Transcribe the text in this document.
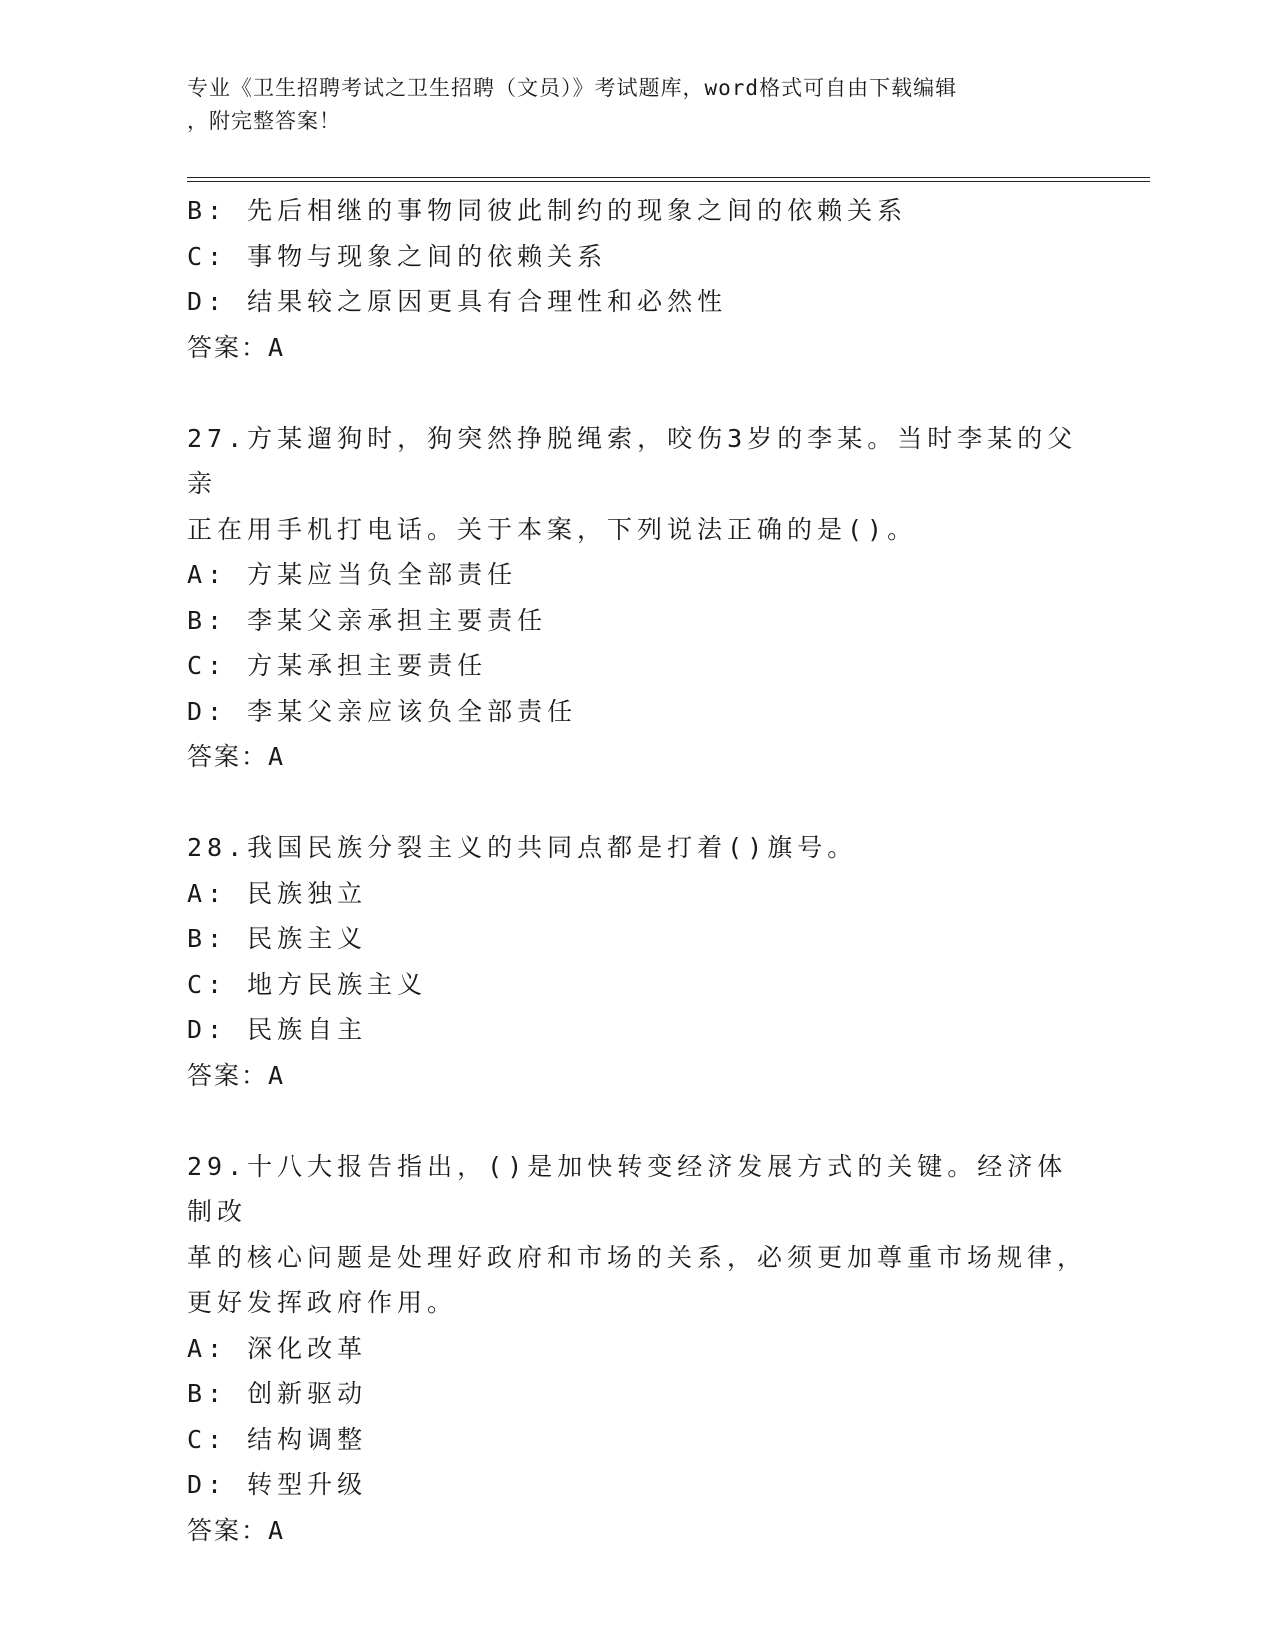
专业《卫生招聘考试之卫生招聘（文员）》考试题库，word格式可自由下载编辑
，附完整答案！
B: 先后相继的事物同彼此制约的现象之间的依赖关系
C: 事物与现象之间的依赖关系
D: 结果较之原因更具有合理性和必然性
答案：A
27.方某遛狗时，狗突然挣脱绳索，咬伤3岁的李某。当时李某的父亲
正在用手机打电话。关于本案，下列说法正确的是()。
A: 方某应当负全部责任
B: 李某父亲承担主要责任
C: 方某承担主要责任
D: 李某父亲应该负全部责任
答案：A
28.我国民族分裂主义的共同点都是打着()旗号。
A: 民族独立
B: 民族主义
C: 地方民族主义
D: 民族自主
答案：A
29.十八大报告指出，()是加快转变经济发展方式的关键。经济体制改
革的核心问题是处理好政府和市场的关系，必须更加尊重市场规律，
更好发挥政府作用。
A: 深化改革
B: 创新驱动
C: 结构调整
D: 转型升级
答案：A
